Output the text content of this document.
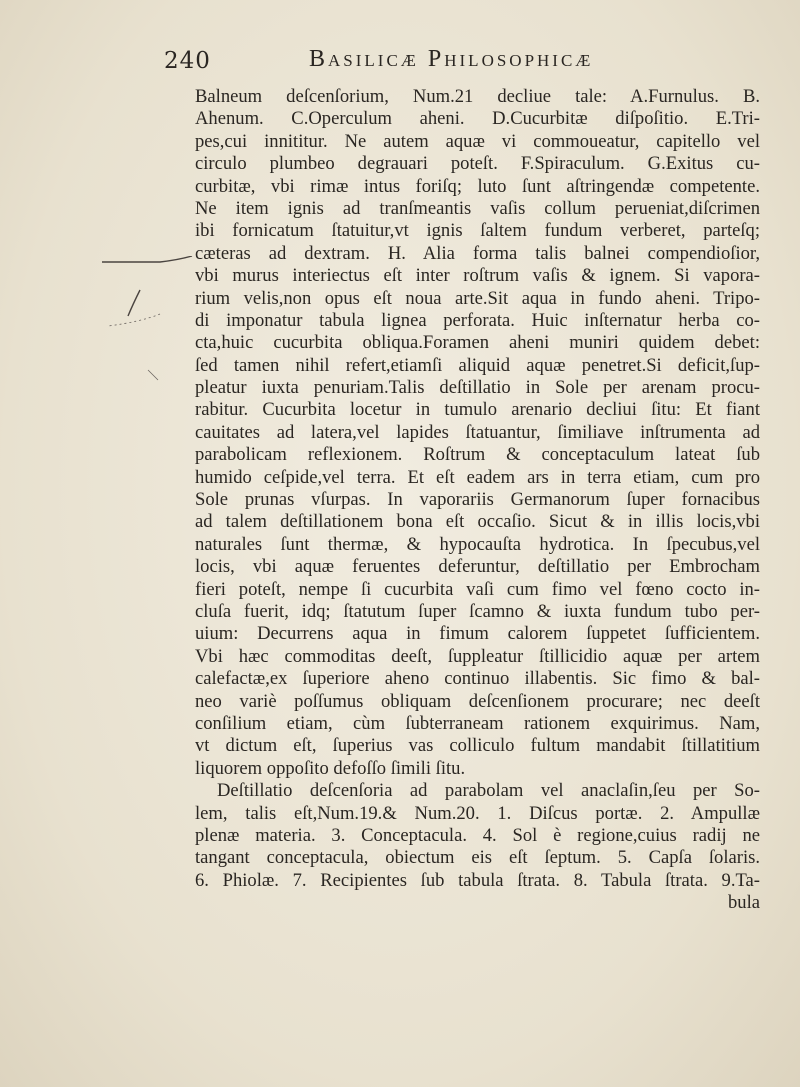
240	Basilicæ Philosophicæ
Balneum deſcenſorium, Num.21 decliue tale: A.Furnulus. B.
Ahenum. C.Operculum aheni. D.Cucurbitæ diſpoſitio. E.Tri-
pes,cui innititur. Ne autem aquæ vi commoueatur, capitello vel
circulo plumbeo degrauari poteſt. F.Spiraculum. G.Exitus cu-
curbitæ, vbi rimæ intus foriſq; luto ſunt aſtringendæ competente.
Ne item ignis ad tranſmeantis vaſis collum perueniat,diſcrimen
ibi fornicatum ſtatuitur,vt ignis ſaltem fundum verberet, parteſq;
cæteras ad dextram. H. Alia forma talis balnei compendioſior,
vbi murus interiectus eſt inter roſtrum vaſis & ignem. Si vapora-
rium velis,non opus eſt noua arte.Sit aqua in fundo aheni. Tripo-
di imponatur tabula lignea perforata. Huic inſternatur herba co-
cta,huic cucurbita obliqua.Foramen aheni muniri quidem debet:
ſed tamen nihil refert,etiamſi aliquid aquæ penetret.Si deficit,ſup-
pleatur iuxta penuriam.Talis deſtillatio in Sole per arenam procu-
rabitur. Cucurbita locetur in tumulo arenario decliui ſitu: Et fiant
cauitates ad latera,vel lapides ſtatuantur, ſimiliave inſtrumenta ad
parabolicam reflexionem. Roſtrum & conceptaculum lateat ſub
humido ceſpide,vel terra. Et eſt eadem ars in terra etiam, cum pro
Sole prunas vſurpas. In vaporariis Germanorum ſuper fornacibus
ad talem deſtillationem bona eſt occaſio. Sicut & in illis locis,vbi
naturales ſunt thermæ, & hypocauſta hydrotica. In ſpecubus,vel
locis, vbi aquæ feruentes deferuntur, deſtillatio per Embrocham
fieri poteſt, nempe ſi cucurbita vaſi cum fimo vel fœno cocto in-
cluſa fuerit, idq; ſtatutum ſuper ſcamno & iuxta fundum tubo per-
uium: Decurrens aqua in fimum calorem ſuppetet ſufficientem.
Vbi hæc commoditas deeſt, ſuppleatur ſtillicidio aquæ per artem
calefactæ,ex ſuperiore aheno continuo illabentis. Sic fimo & bal-
neo variè poſſumus obliquam deſcenſionem procurare; nec deeſt
conſilium etiam, cùm ſubterraneam rationem exquirimus. Nam,
vt dictum eſt, ſuperius vas colliculo fultum mandabit ſtillatitium
liquorem oppoſito defoſſo ſimili ſitu.
Deſtillatio deſcenſoria ad parabolam vel anaclaſin,ſeu per So-
lem, talis eſt,Num.19.& Num.20. 1. Diſcus portæ. 2. Ampullæ
plenæ materia. 3. Conceptacula. 4. Sol è regione,cuius radij ne
tangant conceptacula, obiectum eis eſt ſeptum. 5. Capſa ſolaris.
6. Phiolæ. 7. Recipientes ſub tabula ſtrata. 8. Tabula ſtrata. 9.Ta-
bula
